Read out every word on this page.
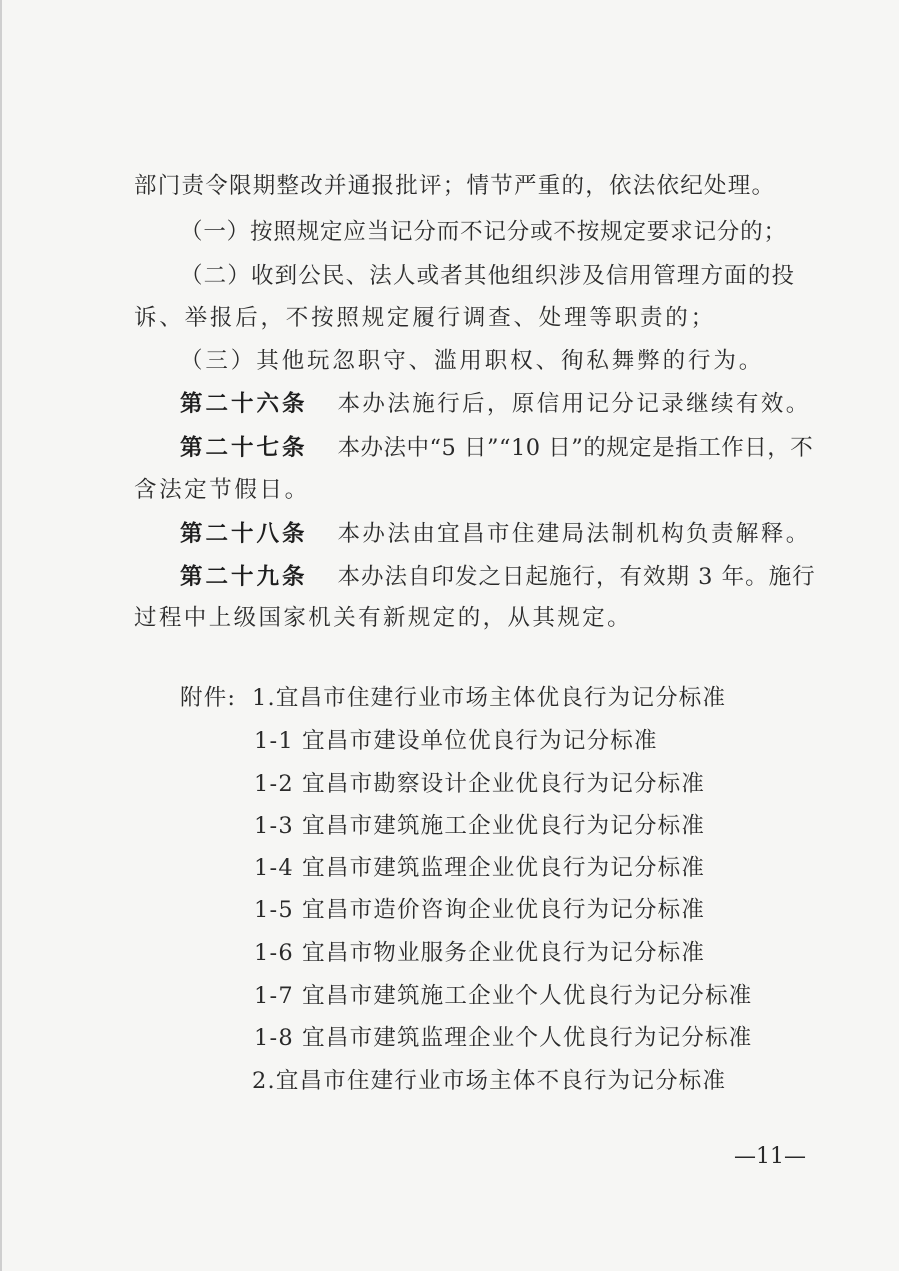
部门责令限期整改并通报批评；情节严重的，依法依纪处理。
（一）按照规定应当记分而不记分或不按规定要求记分的；
（二）收到公民、法人或者其他组织涉及信用管理方面的投
诉、举报后，不按照规定履行调查、处理等职责的；
（三）其他玩忽职守、滥用职权、徇私舞弊的行为。
第二十六条 本办法施行后，原信用记分记录继续有效。
第二十七条 本办法中“5 日”“10 日”的规定是指工作日，不
含法定节假日。
第二十八条 本办法由宜昌市住建局法制机构负责解释。
第二十九条 本办法自印发之日起施行，有效期 3 年。施行
过程中上级国家机关有新规定的，从其规定。
附件: 1.宜昌市住建行业市场主体优良行为记分标准
1-1 宜昌市建设单位优良行为记分标准
1-2 宜昌市勘察设计企业优良行为记分标准
1-3 宜昌市建筑施工企业优良行为记分标准
1-4 宜昌市建筑监理企业优良行为记分标准
1-5 宜昌市造价咨询企业优良行为记分标准
1-6 宜昌市物业服务企业优良行为记分标准
1-7 宜昌市建筑施工企业个人优良行为记分标准
1-8 宜昌市建筑监理企业个人优良行为记分标准
2.宜昌市住建行业市场主体不良行为记分标准
—11—
